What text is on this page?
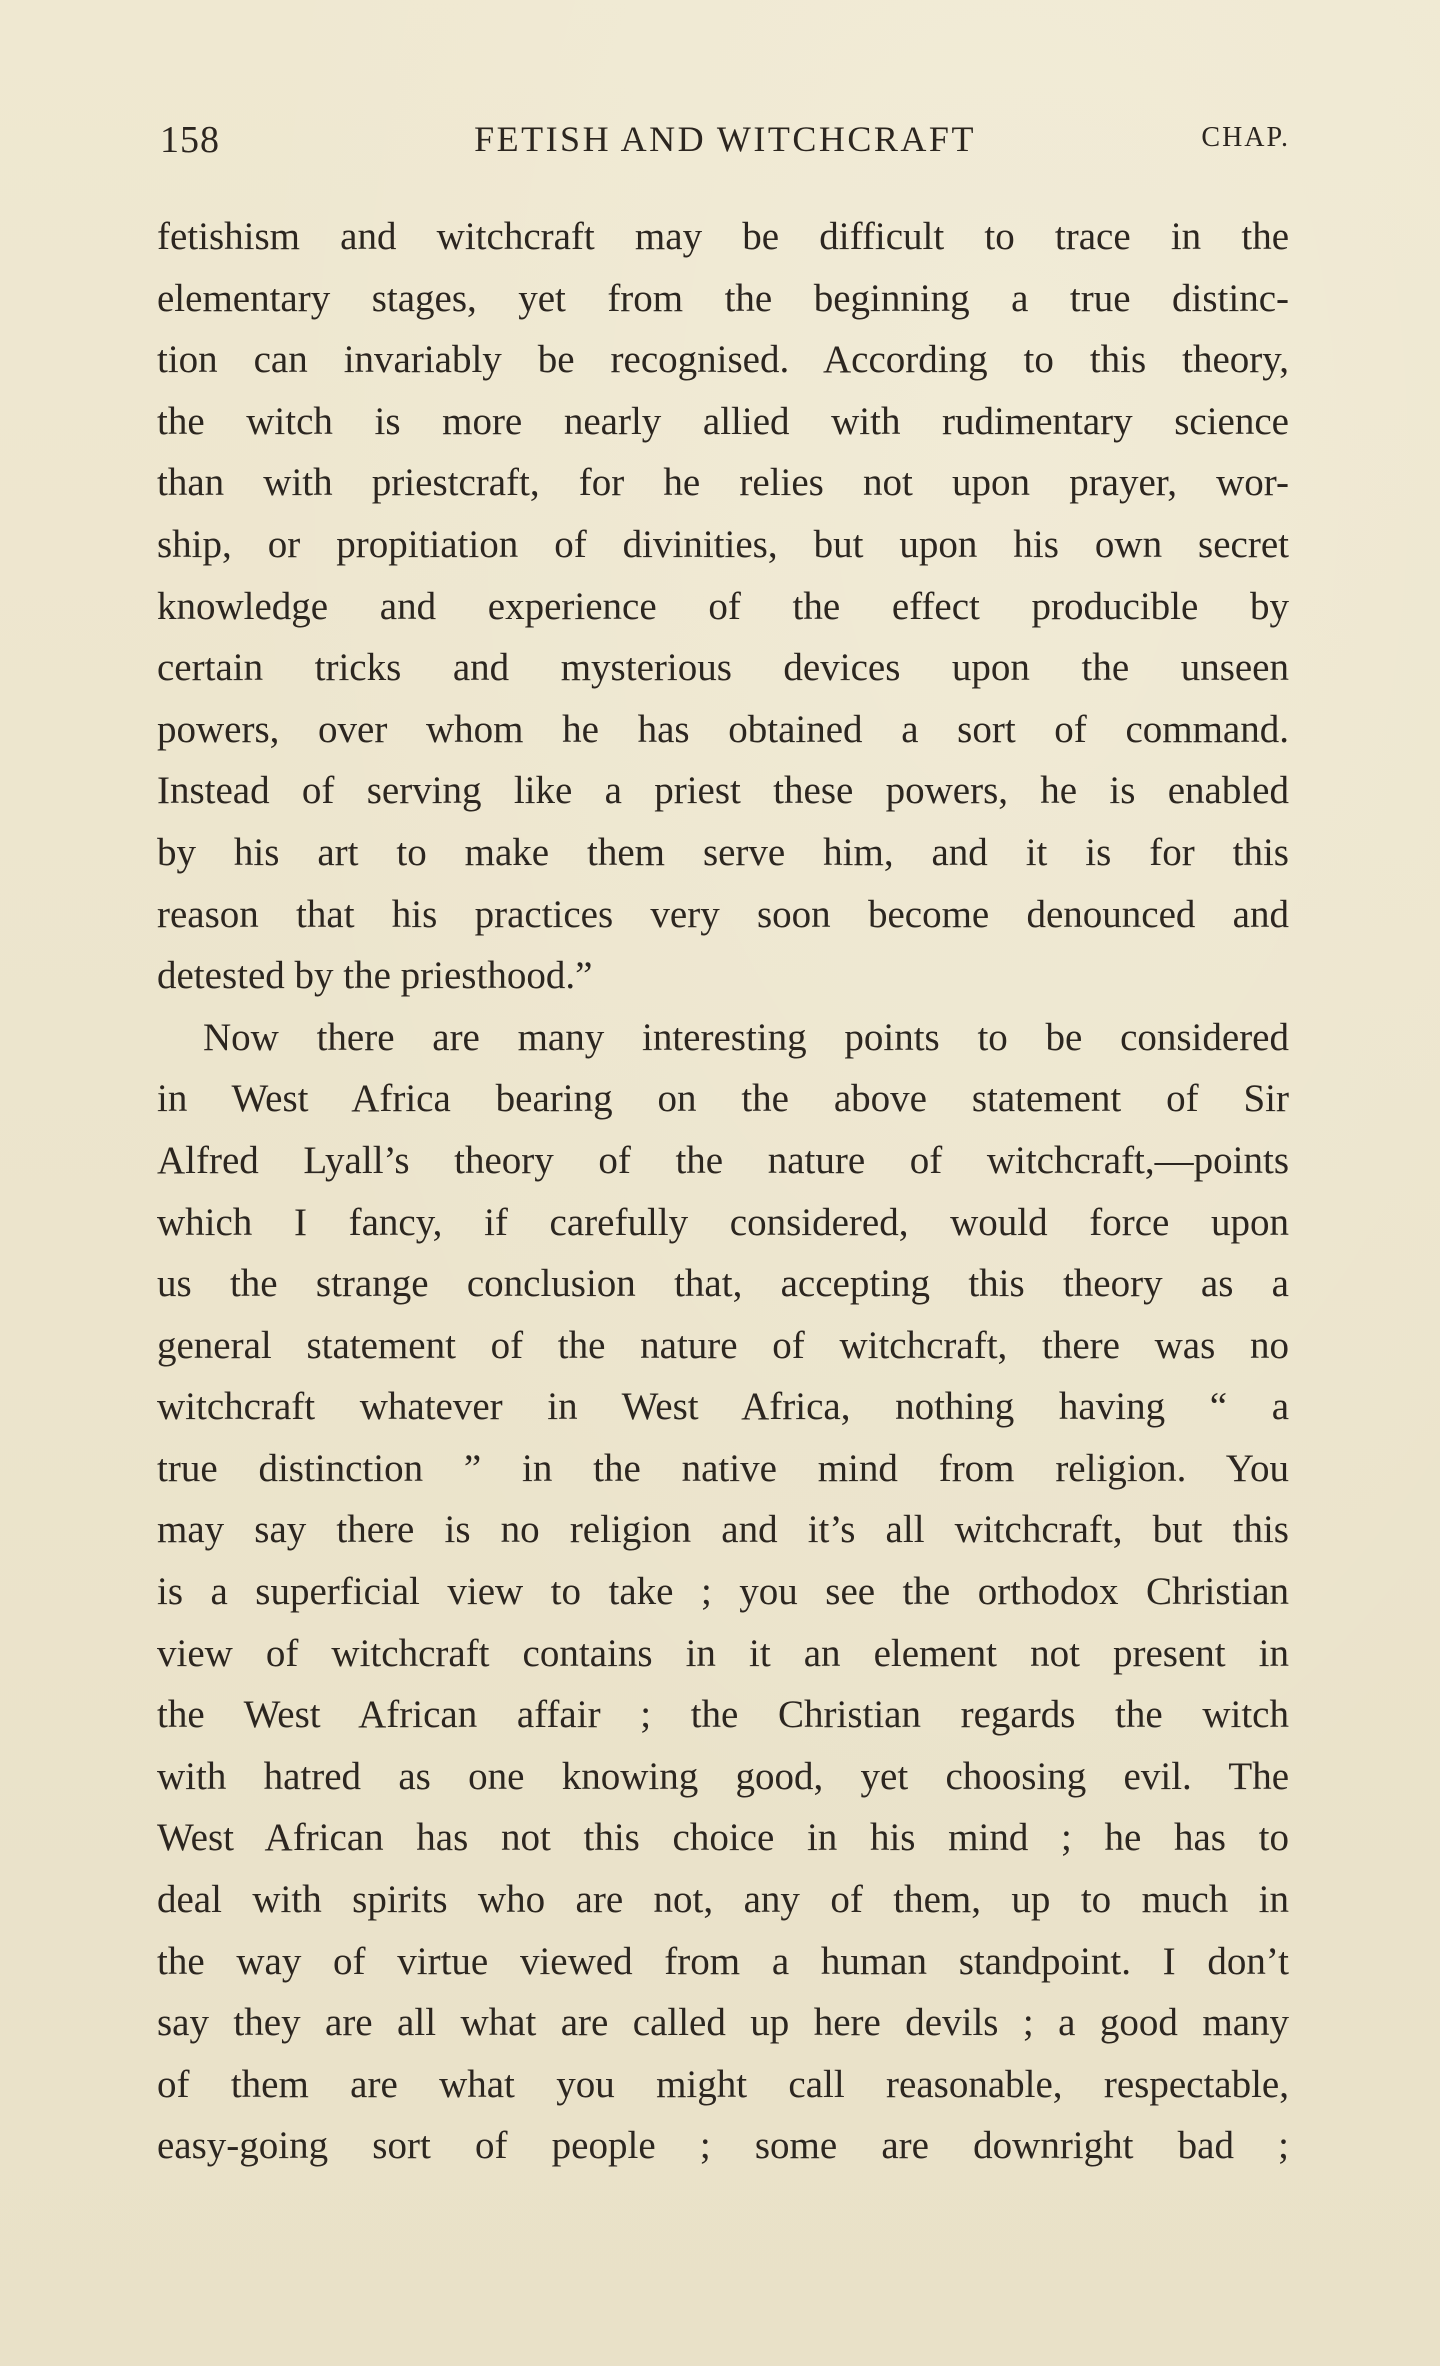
158	FETISH AND WITCHCRAFT	CHAP.
fetishism and witchcraft may be difficult to trace in the
elementary stages, yet from the beginning a true distinc-
tion can invariably be recognised. According to this theory,
the witch is more nearly allied with rudimentary science
than with priestcraft, for he relies not upon prayer, wor-
ship, or propitiation of divinities, but upon his own secret
knowledge and experience of the effect producible by
certain tricks and mysterious devices upon the unseen
powers, over whom he has obtained a sort of command.
Instead of serving like a priest these powers, he is enabled
by his art to make them serve him, and it is for this
reason that his practices very soon become denounced and
detested by the priesthood.”
Now there are many interesting points to be considered
in West Africa bearing on the above statement of Sir
Alfred Lyall’s theory of the nature of witchcraft,—points
which I fancy, if carefully considered, would force upon
us the strange conclusion that, accepting this theory as a
general statement of the nature of witchcraft, there was no
witchcraft whatever in West Africa, nothing having “ a
true distinction ” in the native mind from religion. You
may say there is no religion and it’s all witchcraft, but this
is a superficial view to take ; you see the orthodox Christian
view of witchcraft contains in it an element not present in
the West African affair ; the Christian regards the witch
with hatred as one knowing good, yet choosing evil. The
West African has not this choice in his mind ; he has to
deal with spirits who are not, any of them, up to much in
the way of virtue viewed from a human standpoint. I don’t
say they are all what are called up here devils ; a good many
of them are what you might call reasonable, respectable,
easy-going sort of people ; some are downright bad ;
